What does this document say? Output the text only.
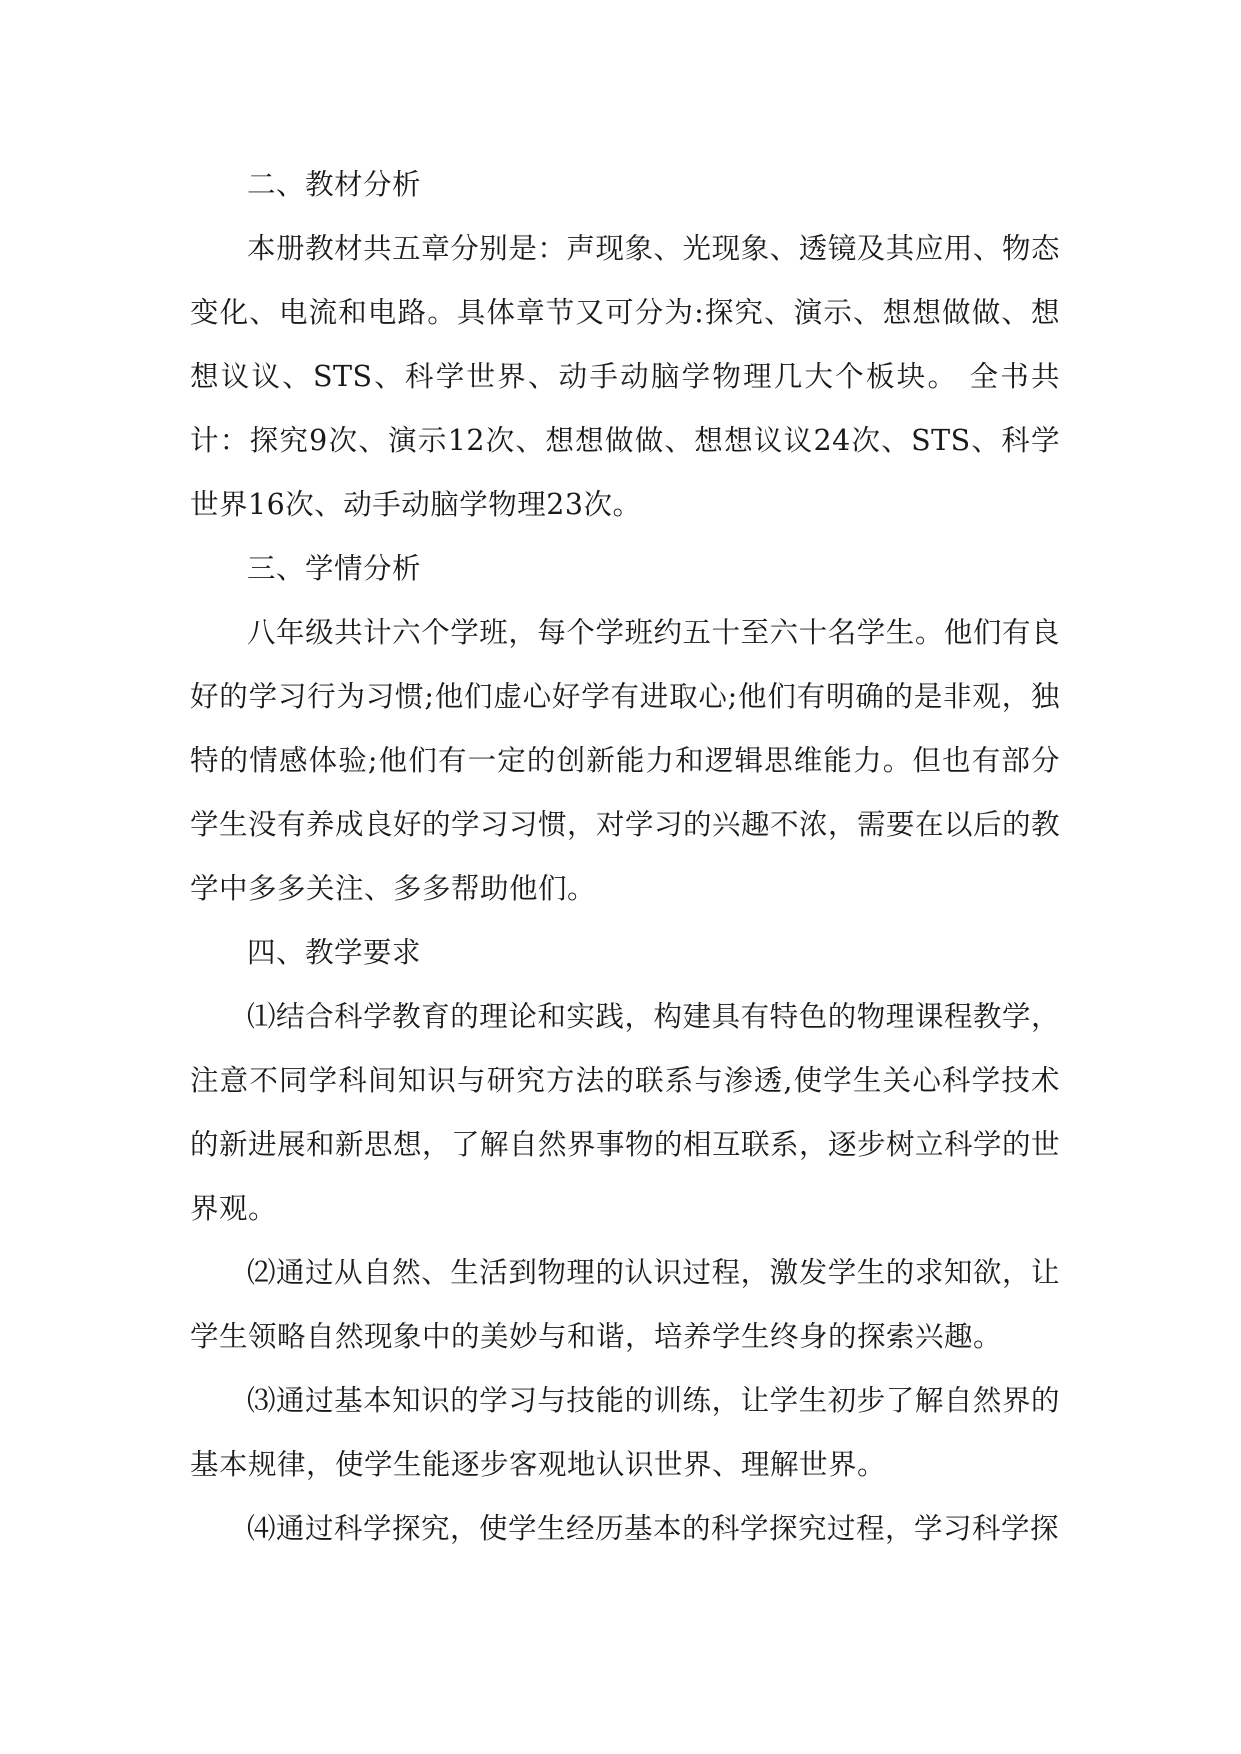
二、教材分析

本册教材共五章分别是：声现象、光现象、透镜及其应用、物态变化、电流和电路。具体章节又可分为:探究、演示、想想做做、想想议议、STS、科学世界、动手动脑学物理几大个板块。 全书共计：探究9次、演示12次、想想做做、想想议议24次、STS、科学世界16次、动手动脑学物理23次。

三、学情分析

八年级共计六个学班，每个学班约五十至六十名学生。他们有良好的学习行为习惯;他们虚心好学有进取心;他们有明确的是非观，独特的情感体验;他们有一定的创新能力和逻辑思维能力。但也有部分学生没有养成良好的学习习惯，对学习的兴趣不浓，需要在以后的教学中多多关注、多多帮助他们。

四、教学要求

⑴结合科学教育的理论和实践，构建具有特色的物理课程教学，注意不同学科间知识与研究方法的联系与渗透,使学生关心科学技术的新进展和新思想，了解自然界事物的相互联系，逐步树立科学的世界观。

⑵通过从自然、生活到物理的认识过程，激发学生的求知欲，让学生领略自然现象中的美妙与和谐，培养学生终身的探索兴趣。

⑶通过基本知识的学习与技能的训练，让学生初步了解自然界的基本规律，使学生能逐步客观地认识世界、理解世界。

⑷通过科学探究，使学生经历基本的科学探究过程，学习科学探
